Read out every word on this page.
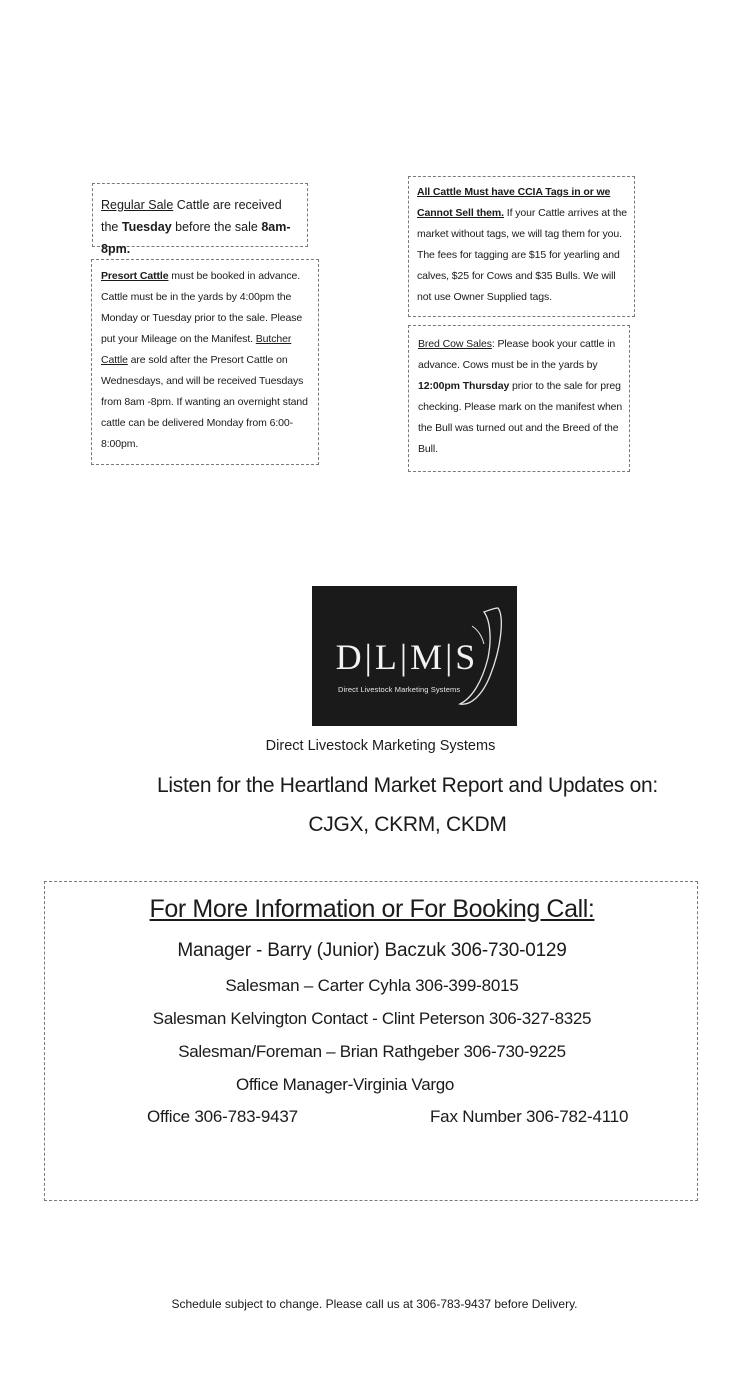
Regular Sale Cattle are received the Tuesday before the sale 8am-8pm.
Presort Cattle must be booked in advance. Cattle must be in the yards by 4:00pm the Monday or Tuesday prior to the sale. Please put your Mileage on the Manifest. Butcher Cattle are sold after the Presort Cattle on Wednesdays, and will be received Tuesdays from 8am -8pm. If wanting an overnight stand cattle can be delivered Monday from 6:00-8:00pm.
All Cattle Must have CCIA Tags in or we Cannot Sell them. If your Cattle arrives at the market without tags, we will tag them for you. The fees for tagging are $15 for yearling and calves, $25 for Cows and $35 Bulls. We will not use Owner Supplied tags.
Bred Cow Sales: Please book your cattle in advance. Cows must be in the yards by 12:00pm Thursday prior to the sale for preg checking. Please mark on the manifest when the Bull was turned out and the Breed of the Bull.
D|L|M|S
Direct Livestock Marketing Systems
Direct Livestock Marketing Systems
Listen for the Heartland Market Report and Updates on:
CJGX, CKRM, CKDM
For More Information or For Booking Call:
Manager - Barry (Junior) Baczuk 306-730-0129
Salesman – Carter Cyhla 306-399-8015
Salesman Kelvington Contact - Clint Peterson 306-327-8325
Salesman/Foreman – Brian Rathgeber 306-730-9225
Office Manager-Virginia Vargo
Office 306-783-9437	Fax Number 306-782-4110
Schedule subject to change. Please call us at 306-783-9437 before Delivery.
